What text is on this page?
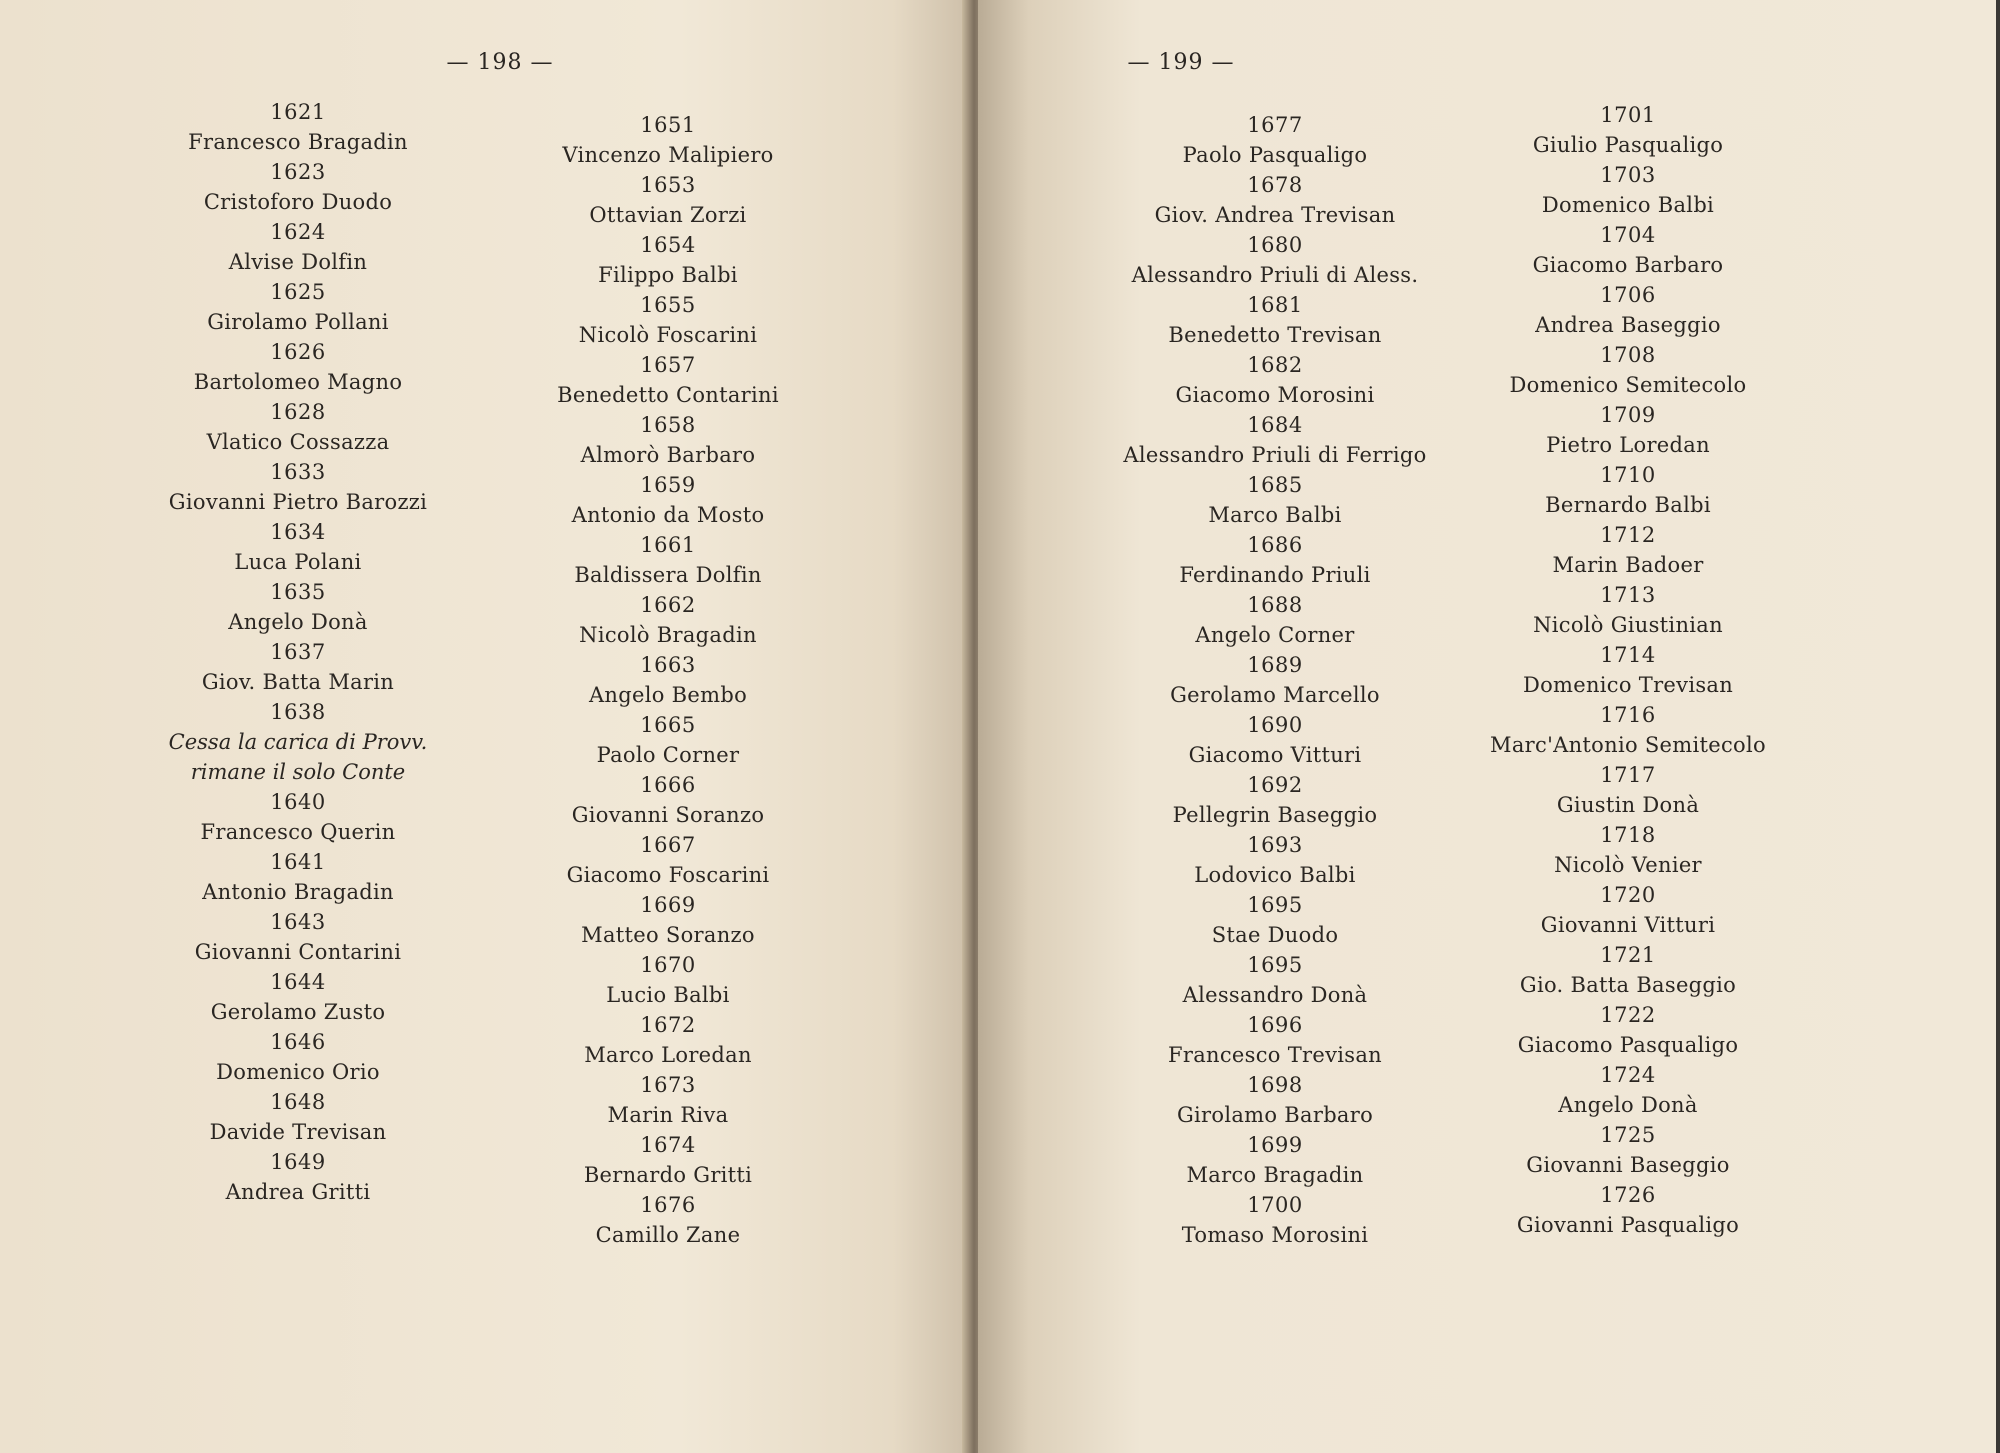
— 198 —
1621
Francesco Bragadin
1623
Cristoforo Duodo
1624
Alvise Dolfin
1625
Girolamo Pollani
1626
Bartolomeo Magno
1628
Vlatico Cossazza
1633
Giovanni Pietro Barozzi
1634
Luca Polani
1635
Angelo Donà
1637
Giov. Batta Marin
1638
Cessa la carica di Provv.
rimane il solo Conte
1640
Francesco Querin
1641
Antonio Bragadin
1643
Giovanni Contarini
1644
Gerolamo Zusto
1646
Domenico Orio
1648
Davide Trevisan
1649
Andrea Gritti
1651
Vincenzo Malipiero
1653
Ottavian Zorzi
1654
Filippo Balbi
1655
Nicolò Foscarini
1657
Benedetto Contarini
1658
Almorò Barbaro
1659
Antonio da Mosto
1661
Baldissera Dolfin
1662
Nicolò Bragadin
1663
Angelo Bembo
1665
Paolo Corner
1666
Giovanni Soranzo
1667
Giacomo Foscarini
1669
Matteo Soranzo
1670
Lucio Balbi
1672
Marco Loredan
1673
Marin Riva
1674
Bernardo Gritti
1676
Camillo Zane
— 199 —
1677
Paolo Pasqualigo
1678
Giov. Andrea Trevisan
1680
Alessandro Priuli di Aless.
1681
Benedetto Trevisan
1682
Giacomo Morosini
1684
Alessandro Priuli di Ferrigo
1685
Marco Balbi
1686
Ferdinando Priuli
1688
Angelo Corner
1689
Gerolamo Marcello
1690
Giacomo Vitturi
1692
Pellegrin Baseggio
1693
Lodovico Balbi
1695
Stae Duodo
1695
Alessandro Donà
1696
Francesco Trevisan
1698
Girolamo Barbaro
1699
Marco Bragadin
1700
Tomaso Morosini
1701
Giulio Pasqualigo
1703
Domenico Balbi
1704
Giacomo Barbaro
1706
Andrea Baseggio
1708
Domenico Semitecolo
1709
Pietro Loredan
1710
Bernardo Balbi
1712
Marin Badoer
1713
Nicolò Giustinian
1714
Domenico Trevisan
1716
Marc'Antonio Semitecolo
1717
Giustin Donà
1718
Nicolò Venier
1720
Giovanni Vitturi
1721
Gio. Batta Baseggio
1722
Giacomo Pasqualigo
1724
Angelo Donà
1725
Giovanni Baseggio
1726
Giovanni Pasqualigo
